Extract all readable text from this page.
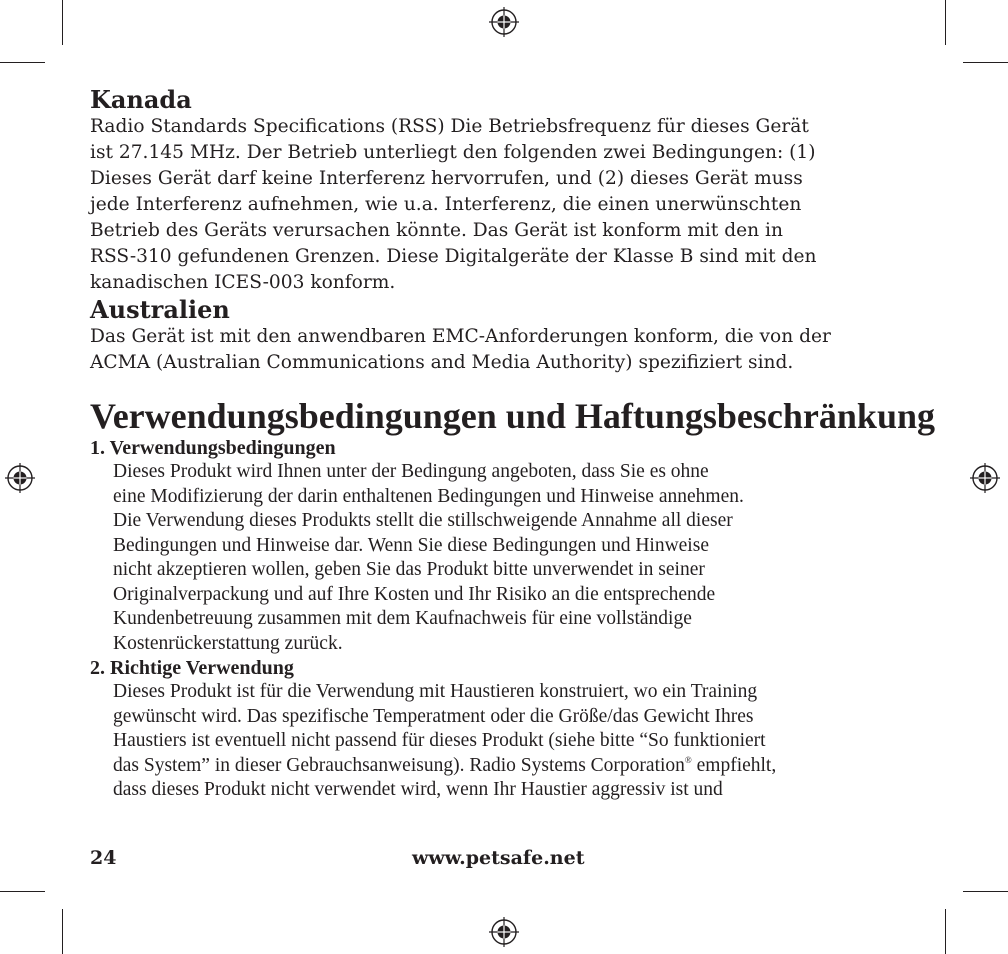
Kanada

Radio Standards Specifications (RSS) Die Betriebsfrequenz für dieses Gerät
ist 27.145 MHz. Der Betrieb unterliegt den folgenden zwei Bedingungen: (1)
Dieses Gerät darf keine Interferenz hervorrufen, und (2) dieses Gerät muss
jede Interferenz aufnehmen, wie u.a. Interferenz, die einen unerwünschten
Betrieb des Geräts verursachen könnte. Das Gerät ist konform mit den in
RSS-310 gefundenen Grenzen. Diese Digitalgeräte der Klasse B sind mit den
kanadischen ICES-003 konform.

Australien

Das Gerät ist mit den anwendbaren EMC-Anforderungen konform, die von der
ACMA (Australian Communications and Media Authority) spezifiziert sind.

Verwendungsbedingungen und Haftungsbeschränkung
1. Verwendungsbedingungen

Dieses Produkt wird Ihnen unter der Bedingung angeboten, dass Sie es ohne
eine Modifizierung der darin enthaltenen Bedingungen und Hinweise annehmen.
Die Verwendung dieses Produkts stellt die stillschweigende Annahme all dieser
Bedingungen und Hinweise dar. Wenn Sie diese Bedingungen und Hinweise
nicht akzeptieren wollen, geben Sie das Produkt bitte unverwendet in seiner
Originalverpackung und auf Ihre Kosten und Ihr Risiko an die entsprechende
Kundenbetreuung zusammen mit dem Kaufnachweis für eine vollständige
Kostenrückerstattung zurück.

2. Richtige Verwendung

Dieses Produkt ist für die Verwendung mit Haustieren konstruiert, wo ein Training
gewünscht wird. Das spezifische Temperatment oder die Größe/das Gewicht Ihres
Haustiers ist eventuell nicht passend für dieses Produkt (siehe bitte “So funktioniert
das System” in dieser Gebrauchsanweisung). Radio Systems Corporation® empfiehlt,
dass dieses Produkt nicht verwendet wird, wenn Ihr Haustier aggressiv ist und

24	www.petsafe.net
